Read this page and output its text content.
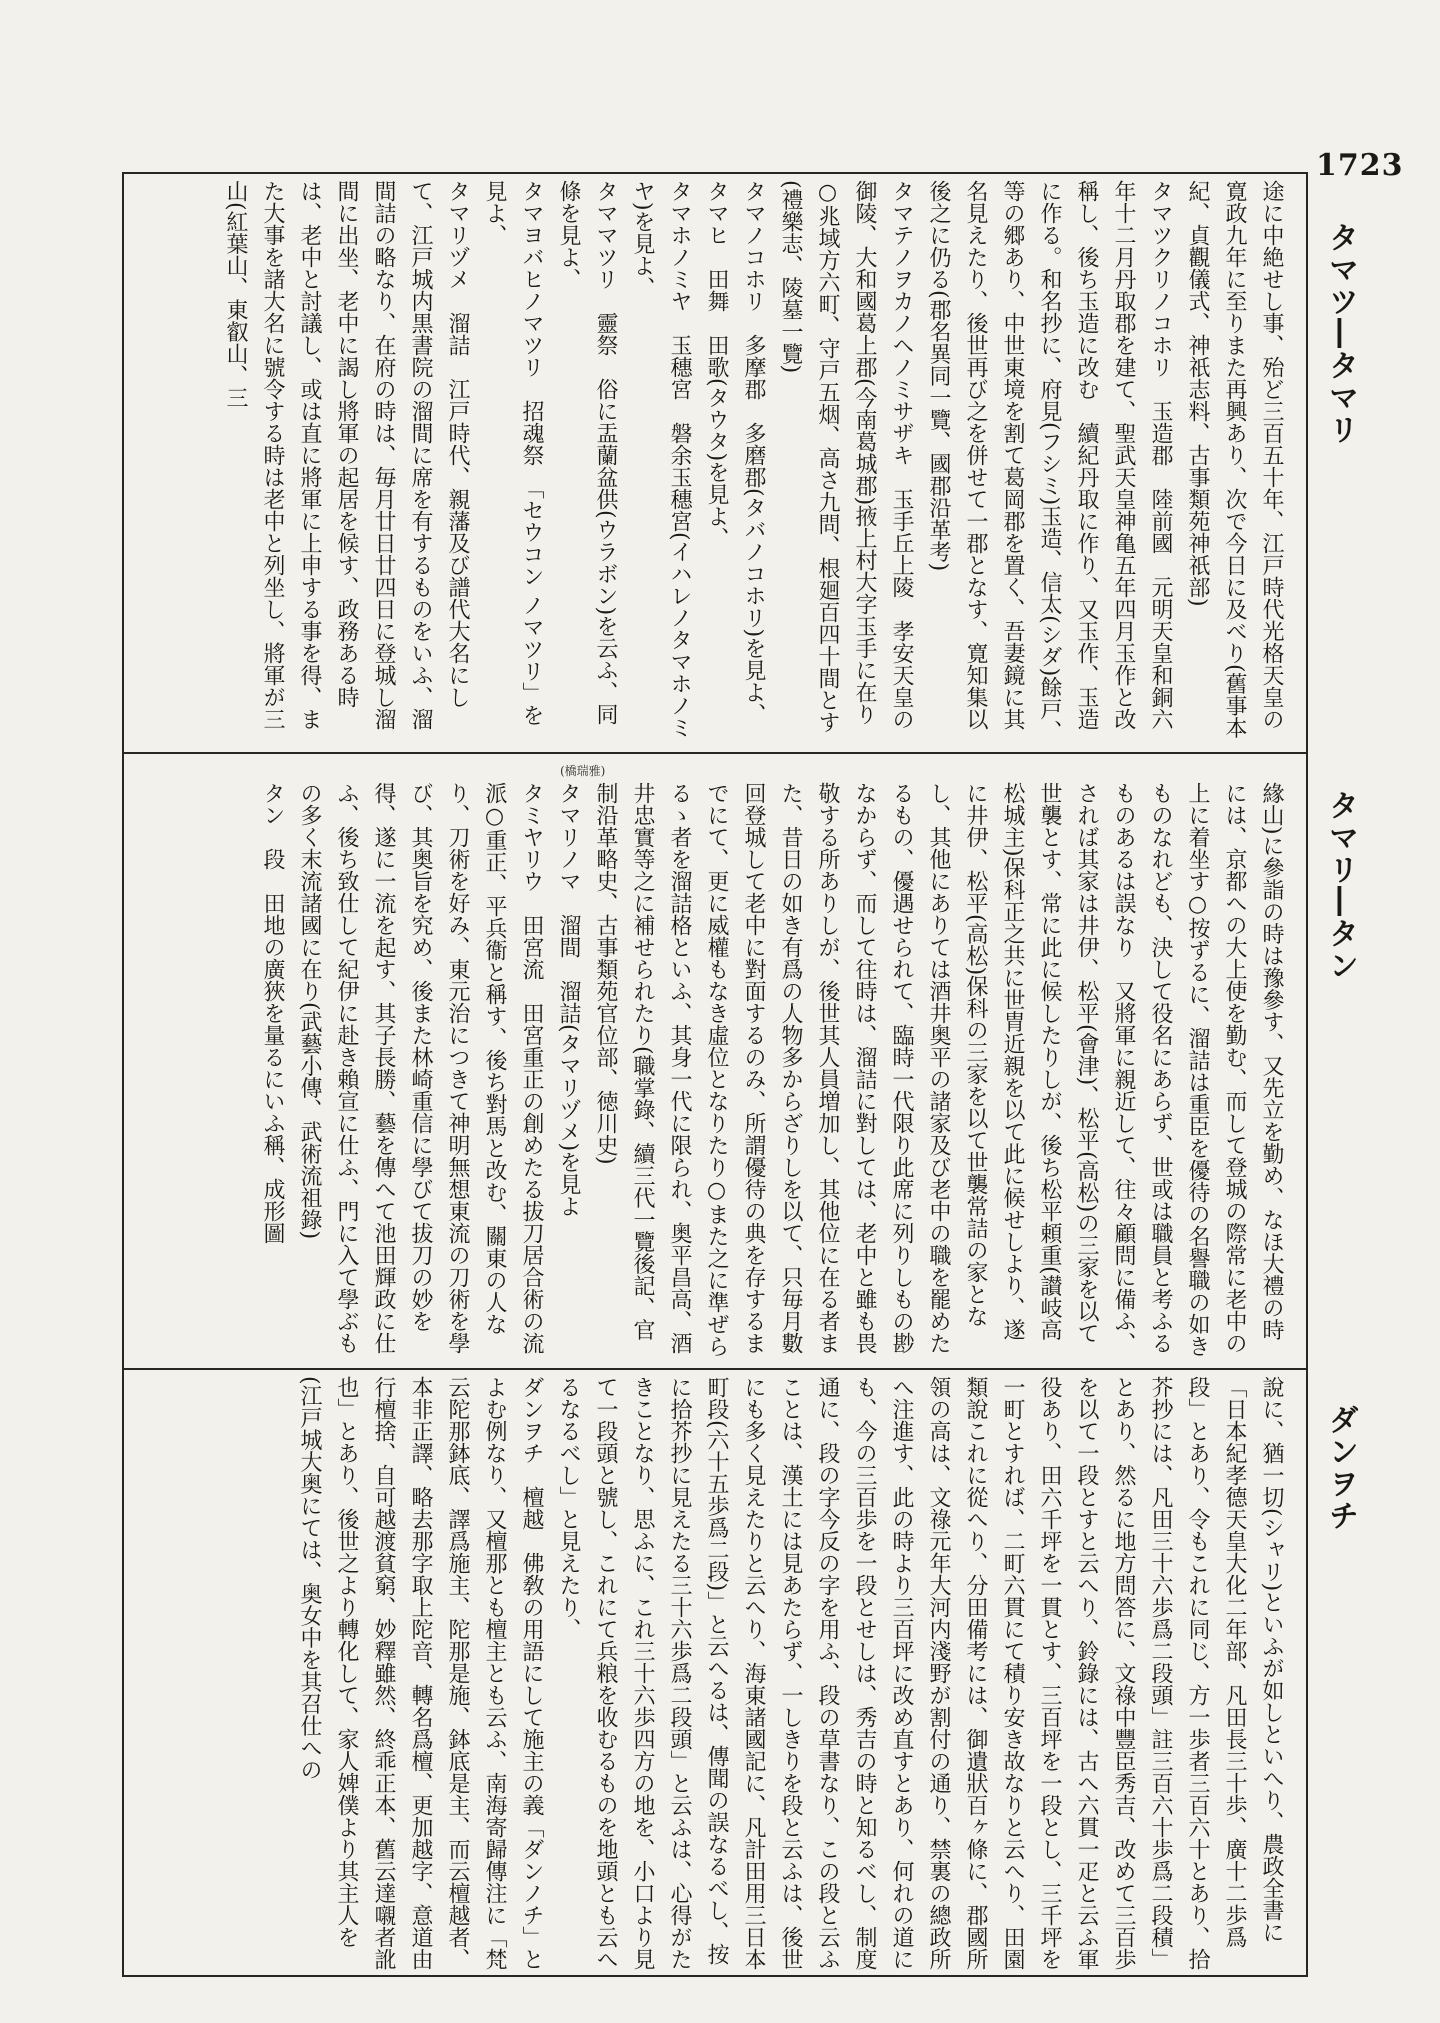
1723
タマツ―タマリ
タマリ―タン
ダンヲチ
(橋瑞雅)

途に中絶せし事、殆ど三百五十年、江戸時代光格天皇の寛政九年に至りまた再興あり、次で今日に及べり(舊事本紀、貞觀儀式、神祇志料、古事類苑神祇部)

タマツクリノコホリ　玉造郡　陸前國　元明天皇和銅六年十二月丹取郡を建て、聖武天皇神亀五年四月玉作と改稱し、後ち玉造に改む　續紀丹取に作り、又玉作、玉造に作る。和名抄に、府見(フシミ)玉造、信太(シダ)餘戸、等の郷あり、中世東境を割て葛岡郡を置く、吾妻鏡に其名見えたり、後世再び之を併せて一郡となす、寛知集以後之に仍る(郡名異同一覽、國郡沿革考)

タマテノヲカノヘノミサザキ　玉手丘上陵　孝安天皇の御陵、大和國葛上郡(今南葛城郡)掖上村大字玉手に在り○兆域方六町、守戸五烟、高さ九問、根廻百四十間とす(禮樂志、陵墓一覽)

タマノコホリ　多摩郡　多磨郡(タバノコホリ)を見よ、

タマヒ　田舞　田歌(タウタ)を見よ、

タマホノミヤ　玉穗宮　磐余玉穗宮(イハレノタマホノミヤ)を見よ、

タママツリ　靈祭　俗に盂蘭盆供(ウラボン)を云ふ、同條を見よ、

タマヨバヒノマツリ　招魂祭　「セウコン ノマツリ」を見よ、

タマリヅメ　溜詰　江戸時代、親藩及び譜代大名にして、江戸城内黒書院の溜間に席を有するものをいふ、溜間詰の略なり、在府の時は、毎月廿日廿四日に登城し溜間に出坐、老中に謁し將軍の起居を候す、政務ある時は、老中と討議し、或は直に將軍に上申する事を得、また大事を諸大名に號令する時は老中と列坐し、將軍が三山(紅葉山、東叡山、三

緣山)に參詣の時は豫參す、又先立を勤め、なほ大禮の時には、京都への大上使を勤む、而して登城の際常に老中の上に着坐す○按ずるに、溜詰は重臣を優待の名譽職の如きものなれども、決して役名にあらず、世或は職員と考ふるものあるは誤なり　又將軍に親近して、往々顧問に備ふ、されば其家は井伊、松平(會津)、松平(高松)の三家を以て世襲とす、常に此に候したりしが、後ち松平頼重(讃岐高松城主)保科正之共に世胄近親を以て此に候せしより、遂に井伊、松平(高松)保科の三家を以て世襲常詰の家となし、其他にありては酒井奥平の諸家及び老中の職を罷めたるもの、優遇せられて、臨時一代限り此席に列りしもの尠なからず、而して往時は、溜詰に對しては、老中と雖も畏敬する所ありしが、後世其人員増加し、其他位に在る者また、昔日の如き有爲の人物多からざりしを以て、只毎月數回登城して老中に對面するのみ、所謂優待の典を存するまでにて、更に威權もなき虛位となりたり○また之に準ぜらるゝ者を溜詰格といふ、其身一代に限られ、奥平昌高、酒井忠實等之に補せられたり(職掌錄、續三代一覽後記、官制沿革略史、古事類苑官位部、徳川史)

タマリノマ　溜間　溜詰(タマリヅメ)を見よ

タミヤリウ　田宮流　田宮重正の創めたる拔刀居合術の流派○重正、平兵衞と稱す、後ち對馬と改む、關東の人なり、刀術を好み、東元治につきて神明無想東流の刀術を學び、其奥旨を究め、後また林崎重信に學びて拔刀の妙を得、遂に一流を起す、其子長勝、藝を傳へて池田輝政に仕ふ、後ち致仕して紀伊に赴き賴宣に仕ふ、門に入て學ぶもの多く末流諸國に在り(武藝小傳、武術流祖錄)

タン　段　田地の廣狹を量るにいふ稱、成形圖

說に、猶一切(シャリ)といふが如しといへり、農政全書に「日本紀孝德天皇大化二年部、凡田長三十歩、廣十二歩爲段」とあり、令もこれに同じ、方一歩者三百六十とあり、拾芥抄には、凡田三十六歩爲二段頭」註三百六十歩爲二段積」とあり、然るに地方問答に、文祿中豐臣秀吉、改めて三百歩を以て一段とすと云へり、鈴錄には、古へ六貫一疋と云ふ軍役あり、田六千坪を一貫とす、三百坪を一段とし、三千坪を一町とすれば、二町六貫にて積り安き故なりと云へり、田園類說これに從へり、分田備考には、御遺狀百ヶ條に、郡國所領の高は、文祿元年大河内淺野が割付の通り、禁裏の總政所へ注進す、此の時より三百坪に改め直すとあり、何れの道にも、今の三百歩を一段とせしは、秀吉の時と知るべし、制度通に、段の字今反の字を用ふ、段の草書なり、この段と云ふことは、漢土には見あたらず、一しきりを段と云ふは、後世にも多く見えたりと云へり、海東諸國記に、凡計田用三日本町段(六十五歩爲二段)」と云へるは、傳聞の誤なるべし、按に拾芥抄に見えたる三十六歩爲二段頭」と云ふは、心得がたきことなり、思ふに、これ三十六歩四方の地を、小口より見て一段頭と號し、これにて兵粮を收むるものを地頭とも云へるなるべし」と見えたり、

ダンヲチ　檀越　佛敎の用語にして施主の義「ダンノチ」とよむ例なり、又檀那とも檀主とも云ふ、南海寄歸傳注に「梵云陀那鉢底、譯爲施主、陀那是施、鉢底是主、而云檀越者、本非正譯、略去那字取上陀音、轉名爲檀、更加越字、意道由行檀捨、自可越渡貧窮、妙釋雖然、終乖正本、舊云達嚫者訛也」とあり、後世之より轉化して、家人婢僕より其主人を(江戸城大奥にては、奥女中を其召仕への
